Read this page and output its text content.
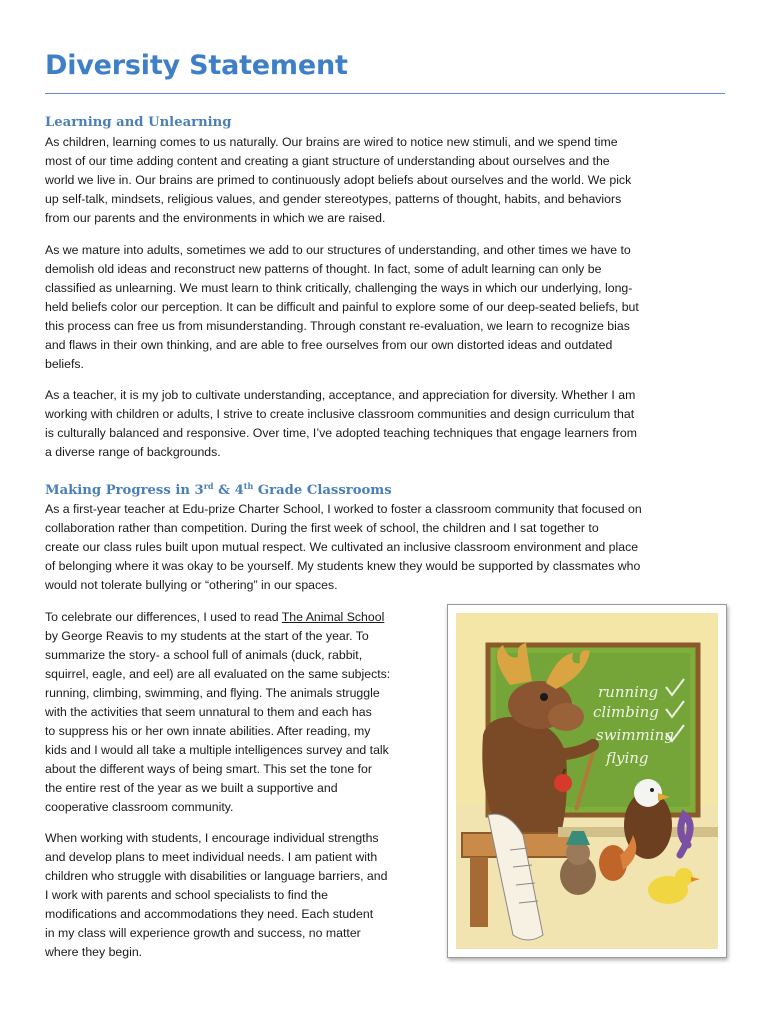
Diversity Statement
Learning and Unlearning
As children, learning comes to us naturally. Our brains are wired to notice new stimuli, and we spend time
most of our time adding content and creating a giant structure of understanding about ourselves and the
world we live in. Our brains are primed to continuously adopt beliefs about ourselves and the world. We pick
up self-talk, mindsets, religious values, and gender stereotypes, patterns of thought, habits, and behaviors
from our parents and the environments in which we are raised.
As we mature into adults, sometimes we add to our structures of understanding, and other times we have to
demolish old ideas and reconstruct new patterns of thought. In fact, some of adult learning can only be
classified as unlearning. We must learn to think critically, challenging the ways in which our underlying, long-
held beliefs color our perception. It can be difficult and painful to explore some of our deep-seated beliefs, but
this process can free us from misunderstanding. Through constant re-evaluation, we learn to recognize bias
and flaws in their own thinking, and are able to free ourselves from our own distorted ideas and outdated
beliefs.
As a teacher, it is my job to cultivate understanding, acceptance, and appreciation for diversity. Whether I am
working with children or adults, I strive to create inclusive classroom communities and design curriculum that
is culturally balanced and responsive. Over time, I’ve adopted teaching techniques that engage learners from
a diverse range of backgrounds.
Making Progress in 3rd & 4th Grade Classrooms
As a first-year teacher at Edu-prize Charter School, I worked to foster a classroom community that focused on
collaboration rather than competition. During the first week of school, the children and I sat together to
create our class rules built upon mutual respect. We cultivated an inclusive classroom environment and place
of belonging where it was okay to be yourself. My students knew they would be supported by classmates who
would not tolerate bullying or “othering” in our spaces.
To celebrate our differences, I used to read The Animal School
by George Reavis to my students at the start of the year. To
summarize the story- a school full of animals (duck, rabbit,
squirrel, eagle, and eel) are all evaluated on the same subjects:
running, climbing, swimming, and flying. The animals struggle
with the activities that seem unnatural to them and each has
to suppress his or her own innate abilities. After reading, my
kids and I would all take a multiple intelligences survey and talk
about the different ways of being smart. This set the tone for
the entire rest of the year as we built a supportive and
cooperative classroom community.
When working with students, I encourage individual strengths
and develop plans to meet individual needs. I am patient with
children who struggle with disabilities or language barriers, and
I work with parents and school specialists to find the
modifications and accommodations they need. Each student
in my class will experience growth and success, no matter
where they begin.
running
climbing
swimming
flying
